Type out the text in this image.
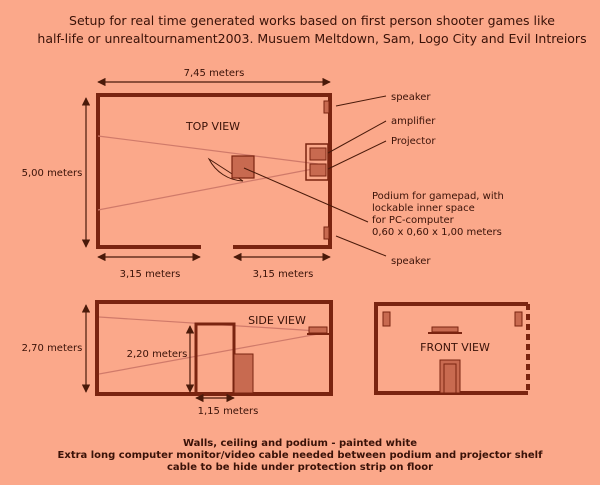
Setup for real time generated works based on first person shooter games like
half-life or unrealtournament2003. Musuem Meltdown, Sam, Logo City and Evil Intreiors
7,45 meters
5,00 meters
TOP VIEW
3,15 meters	3,15 meters
speaker
amplifier
Projector
Podium for gamepad, with
lockable inner space
for PC-computer
0,60 x 0,60 x 1,00 meters
speaker
SIDE VIEW
2,70 meters
2,20 meters
1,15 meters
FRONT VIEW
Walls, ceiling and podium - painted white
Extra long computer monitor/video cable needed between podium and projector shelf
cable to be hide under protection strip on floor
